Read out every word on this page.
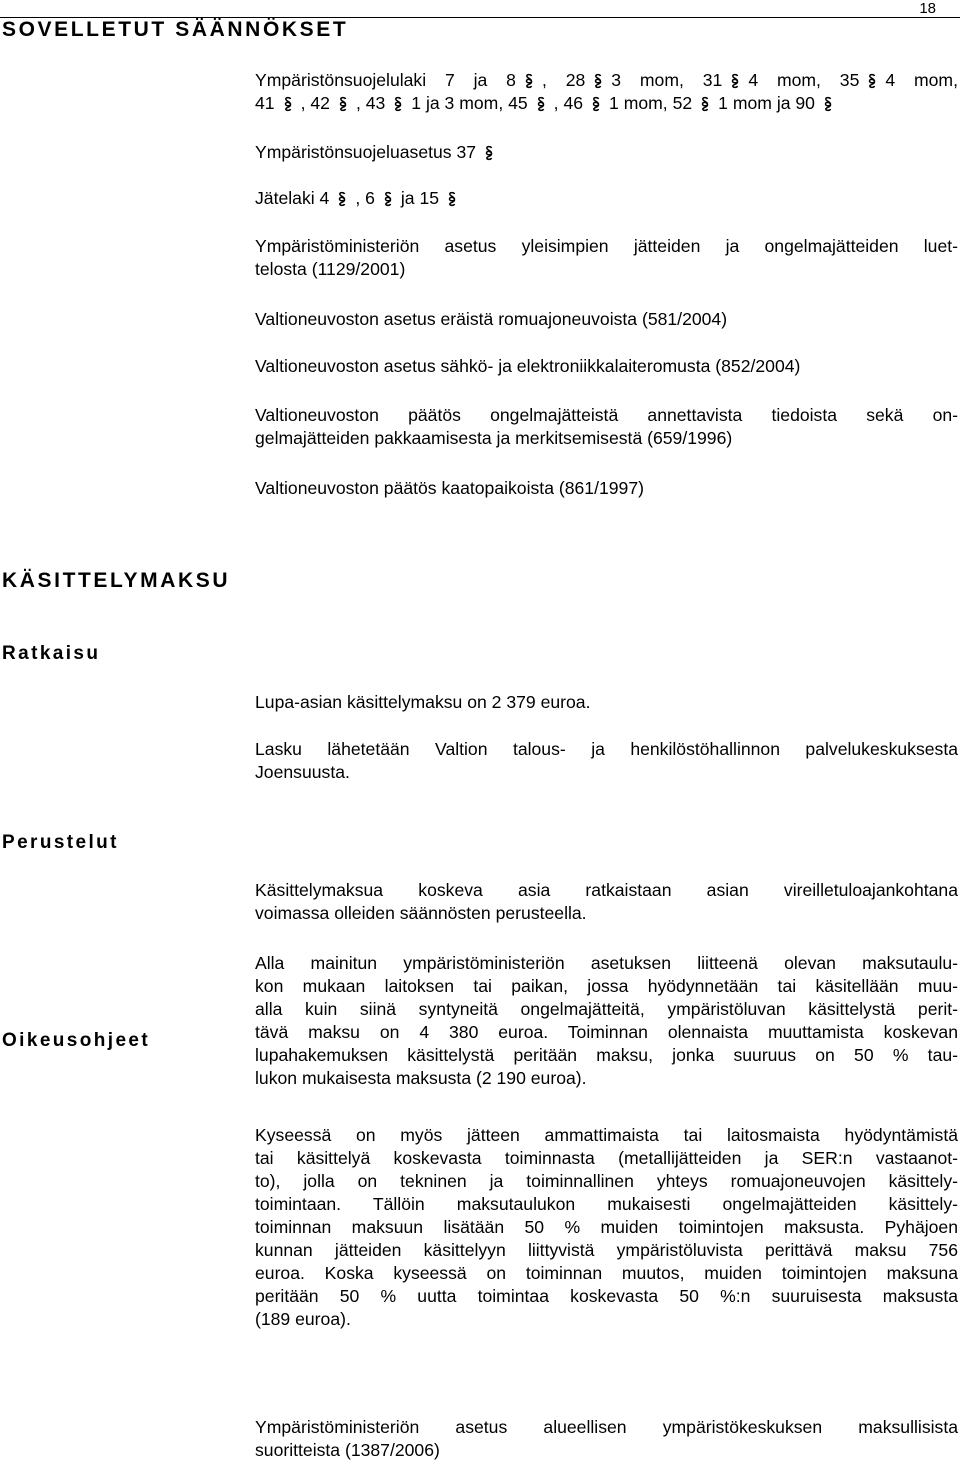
18
SOVELLETUT SÄÄNNÖKSET
Ympäristönsuojelulaki 7 ja 8 , 28 3 mom, 31 4 mom, 35 4 mom,
41 , 42 , 43 1 ja 3 mom, 45 , 46 1 mom, 52 1 mom ja 90
Ympäristönsuojeluasetus 37
Jätelaki 4 , 6 ja 15
Ympäristöministeriön asetus yleisimpien jätteiden ja ongelmajätteiden luet-
telosta (1129/2001)
Valtioneuvoston asetus eräistä romuajoneuvoista (581/2004)
Valtioneuvoston asetus sähkö- ja elektroniikkalaiteromusta (852/2004)
Valtioneuvoston päätös ongelmajätteistä annettavista tiedoista sekä on-
gelmajätteiden pakkaamisesta ja merkitsemisestä (659/1996)
Valtioneuvoston päätös kaatopaikoista (861/1997)
KÄSITTELYMAKSU
Ratkaisu
Lupa-asian käsittelymaksu on 2 379 euroa.
Lasku lähetetään Valtion talous- ja henkilöstöhallinnon palvelukeskuksesta
Joensuusta.
Perustelut
Käsittelymaksua koskeva asia ratkaistaan asian vireilletuloajankohtana
voimassa olleiden säännösten perusteella.
Alla mainitun ympäristöministeriön asetuksen liitteenä olevan maksutaulu-
kon mukaan laitoksen tai paikan, jossa hyödynnetään tai käsitellään muu-
alla kuin siinä syntyneitä ongelmajätteitä, ympäristöluvan käsittelystä perit-
tävä maksu on 4 380 euroa. Toiminnan olennaista muuttamista koskevan
lupahakemuksen käsittelystä peritään maksu, jonka suuruus on 50 % tau-
lukon mukaisesta maksusta (2 190 euroa).
Kyseessä on myös jätteen ammattimaista tai laitosmaista hyödyntämistä
tai käsittelyä koskevasta toiminnasta (metallijätteiden ja SER:n vastaanot-
to), jolla on tekninen ja toiminnallinen yhteys romuajoneuvojen käsittely-
toimintaan. Tällöin maksutaulukon mukaisesti ongelmajätteiden käsittely-
toiminnan maksuun lisätään 50 % muiden toimintojen maksusta. Pyhäjoen
kunnan jätteiden käsittelyyn liittyvistä ympäristöluvista perittävä maksu 756
euroa. Koska kyseessä on toiminnan muutos, muiden toimintojen maksuna
peritään 50 % uutta toimintaa koskevasta 50 %:n suuruisesta maksusta
(189 euroa).
Oikeusohjeet
Ympäristöministeriön asetus alueellisen ympäristökeskuksen maksullisista
suoritteista (1387/2006)
